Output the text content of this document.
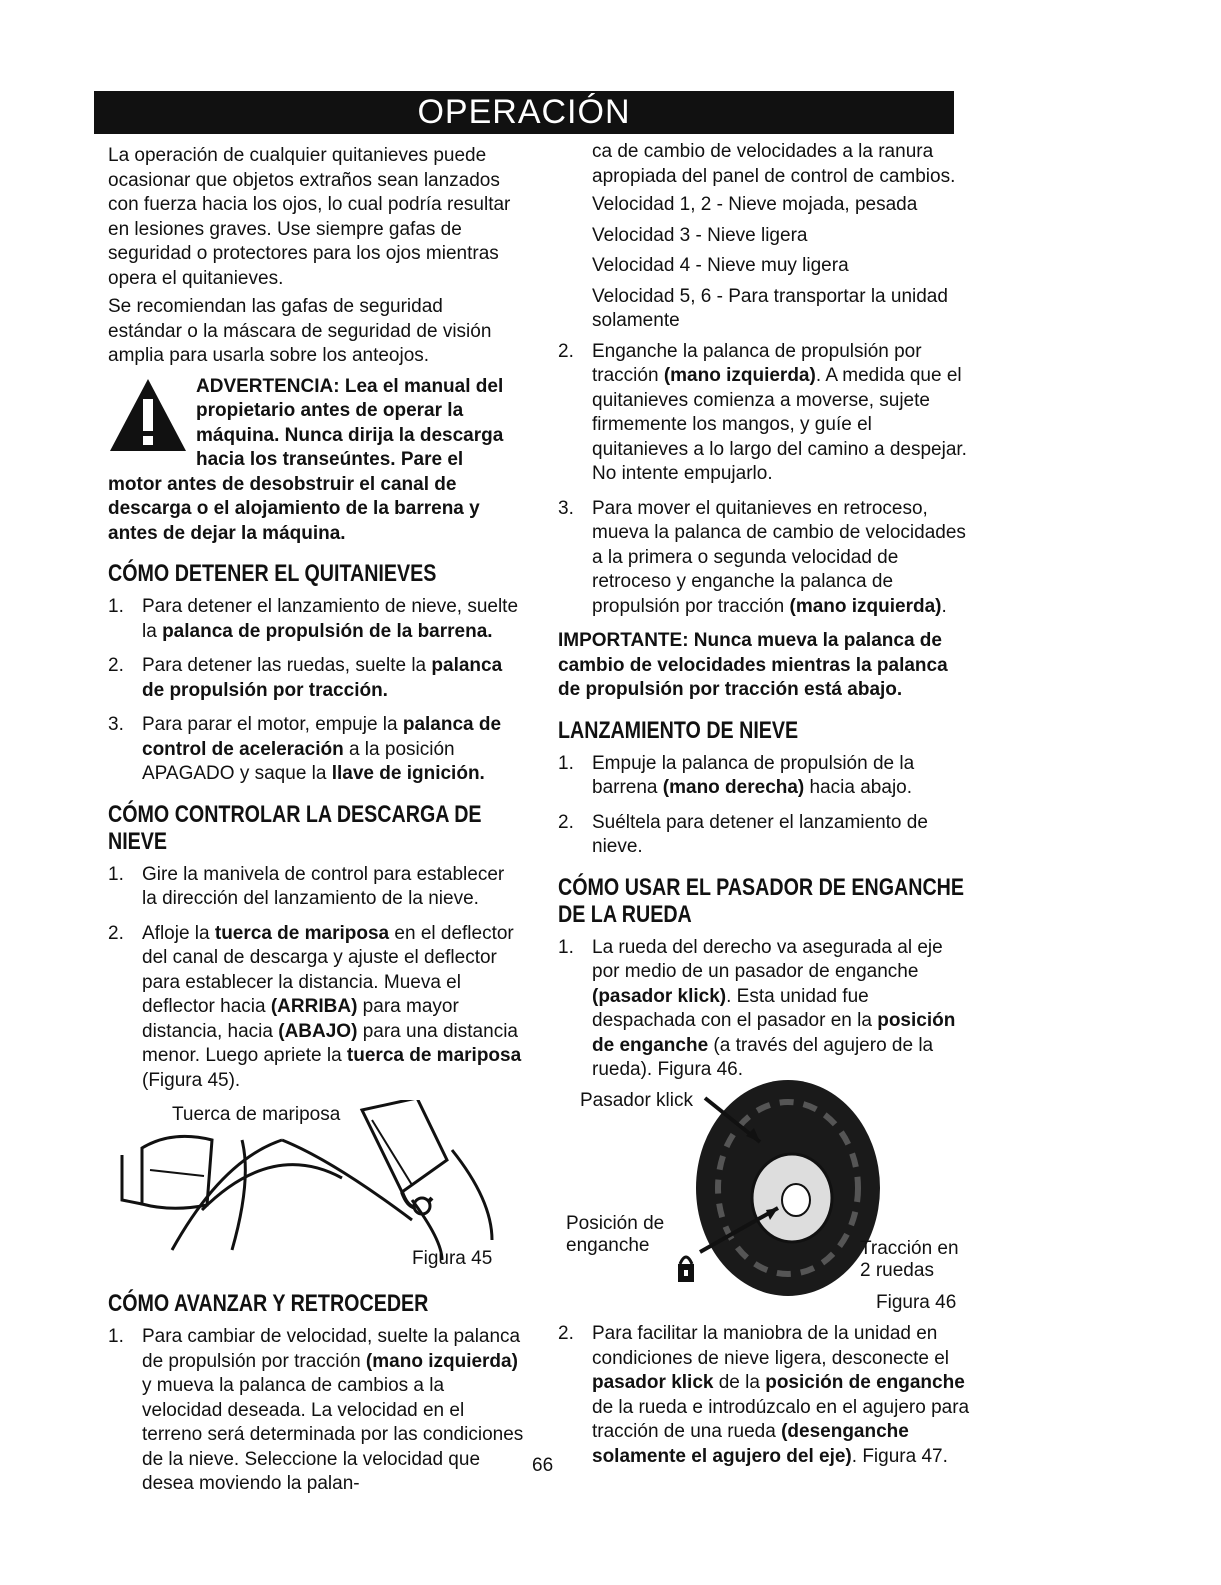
OPERACIÓN

La operación de cualquier quitanieves puede ocasionar que objetos extraños sean lanzados con fuerza hacia los ojos, lo cual podría resultar en lesiones graves. Use siempre gafas de seguridad o protectores para los ojos mientras opera el quitanieves.

Se recomiendan las gafas de seguridad estándar o la máscara de seguridad de visión amplia para usarla sobre los anteojos.

ADVERTENCIA: Lea el manual del propietario antes de operar la máquina. Nunca dirija la descarga hacia los transeúntes. Pare el motor antes de desobstruir el canal de descarga o el alojamiento de la barrena y antes de dejar la máquina.
CÓMO DETENER EL QUITANIEVES
1. Para detener el lanzamiento de nieve, suelte la palanca de propulsión de la barrena.
2. Para detener las ruedas, suelte la palanca de propulsión por tracción.
3. Para parar el motor, empuje la palanca de control de aceleración a la posición APAGADO y saque la llave de ignición.
CÓMO CONTROLAR LA DESCARGA DE NIEVE
1. Gire la manivela de control para establecer la dirección del lanzamiento de la nieve.
2. Afloje la tuerca de mariposa en el deflector del canal de descarga y ajuste el deflector para establecer la distancia. Mueva el deflector hacia (ARRIBA) para mayor distancia, hacia (ABAJO) para una distancia menor. Luego apriete la tuerca de mariposa (Figura 45).
Tuerca de mariposa
Figura 45
CÓMO AVANZAR Y RETROCEDER
1. Para cambiar de velocidad, suelte la palanca de propulsión por tracción (mano izquierda) y mueva la palanca de cambios a la velocidad deseada. La velocidad en el terreno será determinada por las condiciones de la nieve. Seleccione la velocidad que desea moviendo la palan-

ca de cambio de velocidades a la ranura apropiada del panel de control de cambios.

Velocidad 1, 2 - Nieve mojada, pesada

Velocidad 3 - Nieve ligera

Velocidad 4 - Nieve muy ligera

Velocidad 5, 6 - Para transportar la unidad solamente

2. Enganche la palanca de propulsión por tracción (mano izquierda). A medida que el quitanieves comienza a moverse, sujete firmemente los mangos, y guíe el quitanieves a lo largo del camino a despejar. No intente empujarlo.
3. Para mover el quitanieves en retroceso, mueva la palanca de cambio de velocidades a la primera o segunda velocidad de retroceso y enganche la palanca de propulsión por tracción (mano izquierda).

IMPORTANTE: Nunca mueva la palanca de cambio de velocidades mientras la palanca de propulsión por tracción está abajo.

LANZAMIENTO DE NIEVE
1. Empuje la palanca de propulsión de la barrena (mano derecha) hacia abajo.
2. Suéltela para detener el lanzamiento de nieve.
CÓMO USAR EL PASADOR DE ENGANCHE DE LA RUEDA
1. La rueda del derecho va asegurada al eje por medio de un pasador de enganche (pasador klick). Esta unidad fue despachada con el pasador en la posición de enganche (a través del agujero de la rueda). Figura 46.
Pasador klick
Posición de enganche	Tracción en 2 ruedas
Figura 46
2. Para facilitar la maniobra de la unidad en condiciones de nieve ligera, desconecte el pasador klick de la posición de enganche de la rueda e introdúzcalo en el agujero para tracción de una rueda (desenganche solamente el agujero del eje). Figura 47.
66
